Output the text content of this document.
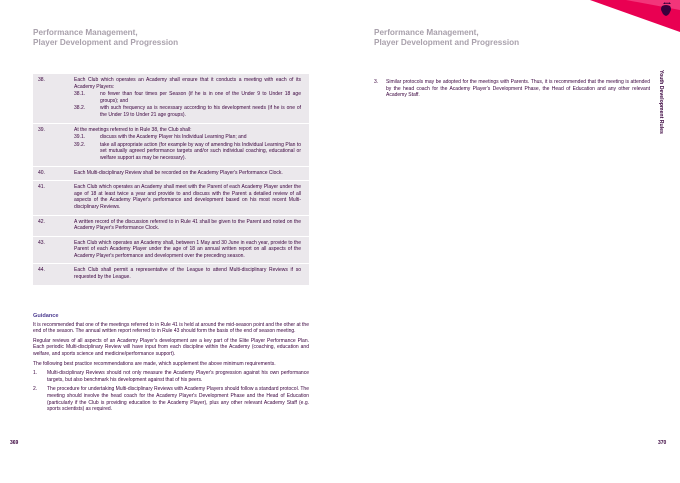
Performance Management,
Player Development and Progression
38.	Each Club which operates an Academy shall ensure that it conducts a meeting with each of its Academy Players:
38.1. no fewer than four times per Season (if he is in one of the Under 9 to Under 18 age groups); and
38.2. with such frequency as is necessary according to his development needs (if he is one of the Under 19 to Under 21 age groups).

39.	At the meetings referred to in Rule 38, the Club shall:
39.1. discuss with the Academy Player his Individual Learning Plan; and
39.2. take all appropriate action (for example by way of amending his Individual Learning Plan to set mutually agreed performance targets and/or such individual coaching, educational or welfare support as may be necessary).

40.	Each Multi-disciplinary Review shall be recorded on the Academy Player's Performance Clock.
41.	Each Club which operates an Academy shall meet with the Parent of each Academy Player under the age of 18 at least twice a year and provide to and discuss with the Parent a detailed review of all aspects of the Academy Player's performance and development based on his most recent Multi-disciplinary Reviews.
42.	A written record of the discussion referred to in Rule 41 shall be given to the Parent and noted on the Academy Player's Performance Clock.
43.	Each Club which operates an Academy shall, between 1 May and 30 June in each year, provide to the Parent of each Academy Player under the age of 18 an annual written report on all aspects of the Academy Player's performance and development over the preceding season.
44.	Each Club shall permit a representative of the League to attend Multi-disciplinary Reviews if so requested by the League.
Guidance

It is recommended that one of the meetings referred to in Rule 41 is held at around the mid-season point and the other at the end of the season. The annual written report referred to in Rule 43 should form the basis of the end of season meeting.

Regular reviews of all aspects of an Academy Player's development are a key part of the Elite Player Performance Plan. Each periodic Multi-disciplinary Review will have input from each discipline within the Academy (coaching, education and welfare, and sports science and medicine/performance support).

The following best practice recommendations are made, which supplement the above minimum requirements.

1.	Multi-disciplinary Reviews should not only measure the Academy Player's progression against his own performance targets, but also benchmark his development against that of his peers.
2.	The procedure for undertaking Multi-disciplinary Reviews with Academy Players should follow a standard protocol. The meeting should involve the head coach for the Academy Player's Development Phase and the Head of Education (particularly if the Club is providing education to the Academy Player), plus any other relevant Academy Staff (e.g. sports scientists) as required.
369
Performance Management,
Player Development and Progression
3.	Similar protocols may be adopted for the meetings with Parents. Thus, it is recommended that the meeting is attended by the head coach for the Academy Player's Development Phase, the Head of Education and any other relevant Academy Staff.	Youth Development Rules
370
